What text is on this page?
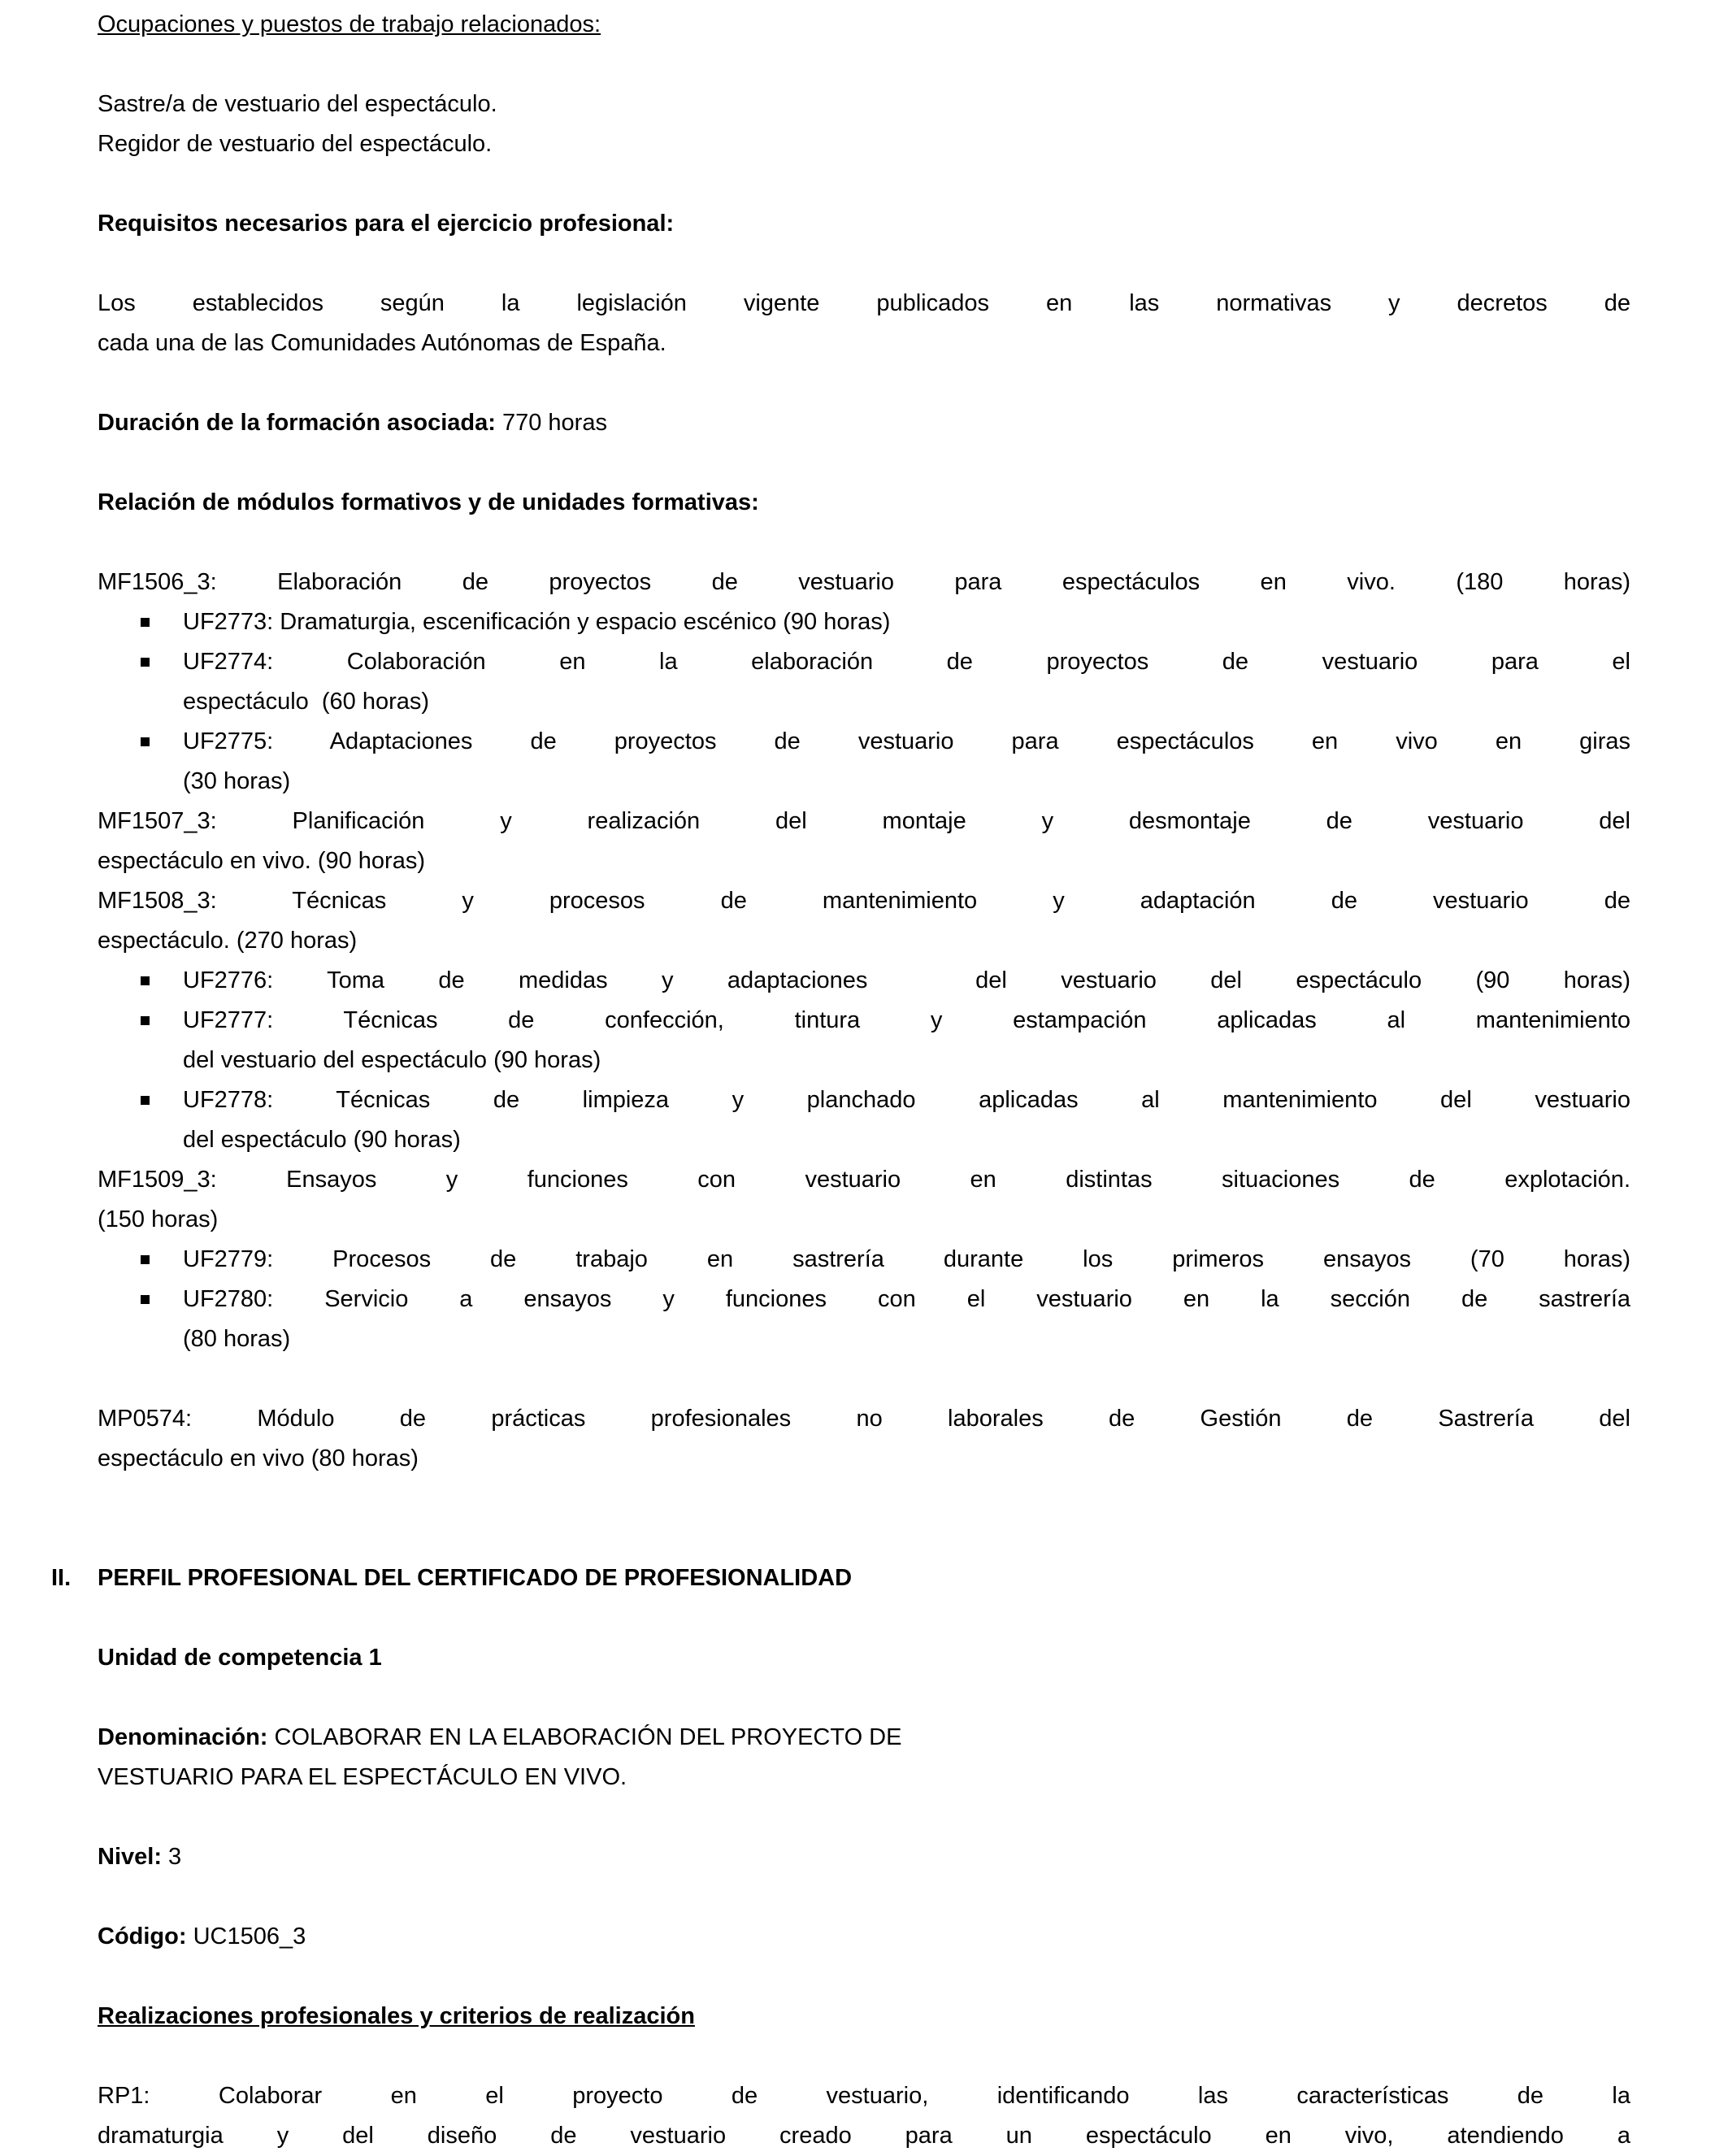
Ocupaciones y puestos de trabajo relacionados:
Sastre/a de vestuario del espectáculo.
Regidor de vestuario del espectáculo.
Requisitos necesarios para el ejercicio profesional:
Los establecidos según la legislación vigente publicados en las normativas y decretos de
cada una de las Comunidades Autónomas de España.
Duración de la formación asociada: 770 horas
Relación de módulos formativos y de unidades formativas:
MF1506_3: Elaboración de proyectos de vestuario para espectáculos en vivo. (180 horas)
UF2773: Dramaturgia, escenificación y espacio escénico (90 horas)
UF2774: Colaboración en la elaboración de proyectos de vestuario para el
espectáculo  (60 horas)
UF2775: Adaptaciones de proyectos de vestuario para espectáculos en vivo en giras
(30 horas)
MF1507_3: Planificación y realización del montaje y desmontaje de vestuario del
espectáculo en vivo. (90 horas)
MF1508_3: Técnicas y procesos de mantenimiento y adaptación de vestuario de
espectáculo. (270 horas)
UF2776: Toma de medidas y adaptaciones  del vestuario del espectáculo (90 horas)
UF2777: Técnicas de confección, tintura y estampación aplicadas al mantenimiento
del vestuario del espectáculo (90 horas)
UF2778: Técnicas de limpieza y planchado aplicadas al mantenimiento del vestuario
del espectáculo (90 horas)
MF1509_3: Ensayos y funciones con vestuario en distintas situaciones de explotación.
(150 horas)
UF2779: Procesos de trabajo en sastrería durante los primeros ensayos (70 horas)
UF2780: Servicio a ensayos y funciones con el vestuario en la sección de sastrería
(80 horas)
MP0574: Módulo de prácticas profesionales no laborales de Gestión de Sastrería del
espectáculo en vivo (80 horas)
II. PERFIL PROFESIONAL DEL CERTIFICADO DE PROFESIONALIDAD
Unidad de competencia 1
Denominación: COLABORAR EN LA ELABORACIÓN DEL PROYECTO DE
VESTUARIO PARA EL ESPECTÁCULO EN VIVO.
Nivel: 3
Código: UC1506_3
Realizaciones profesionales y criterios de realización
RP1: Colaborar en el proyecto de vestuario, identificando las características de la
dramaturgia y del diseño de vestuario creado para un espectáculo en vivo, atendiendo a
